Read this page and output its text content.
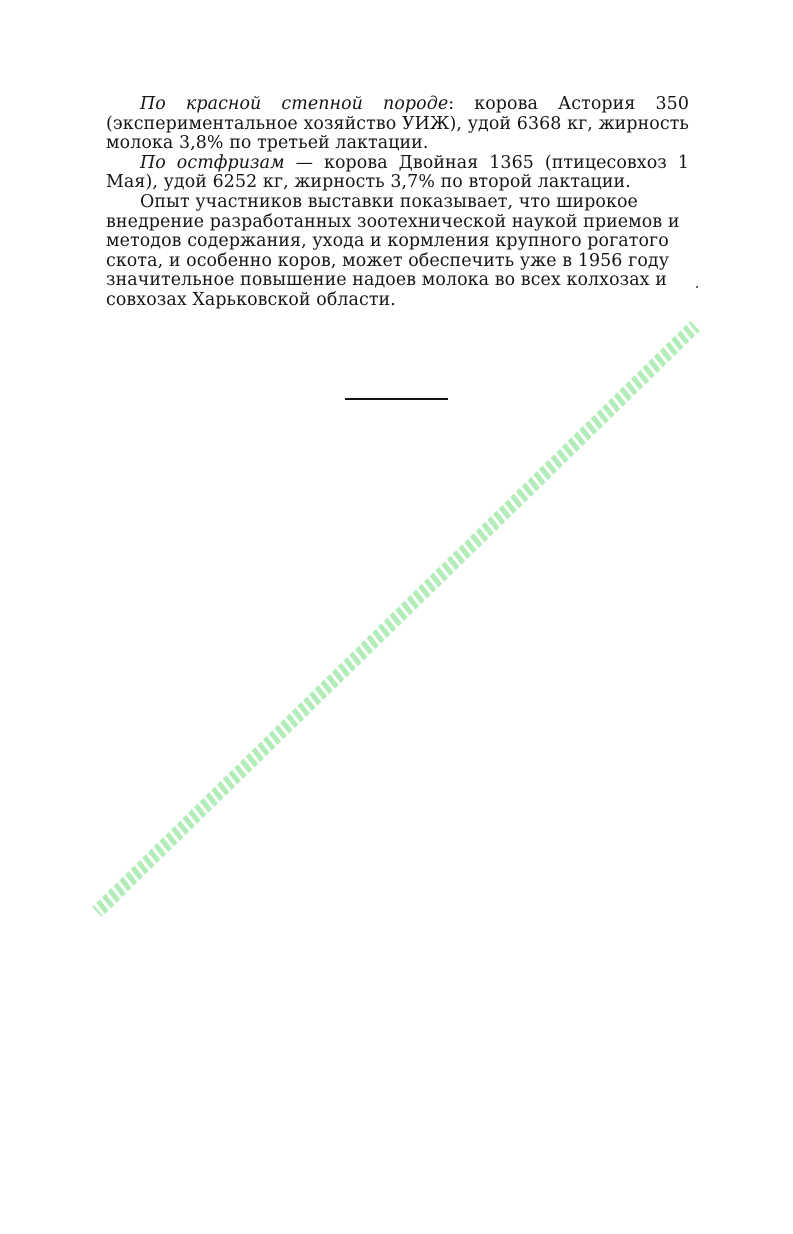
По красной степной породе: корова Астория 350 (экспериментальное хозяйство УИЖ), удой 6368 кг, жирность молока 3,8% по третьей лактации.

По остфризам — корова Двойная 1365 (птицесовхоз 1 Мая), удой 6252 кг, жирность 3,7% по второй лактации.

Опыт участников выставки показывает, что широкое внедрение разработанных зоотехнической наукой приемов и методов содержания, ухода и кормления крупного рогатого скота, и особенно коров, может обеспечить уже в 1956 году значительное повышение надоев молока во всех колхозах и совхозах Харьковской области.
